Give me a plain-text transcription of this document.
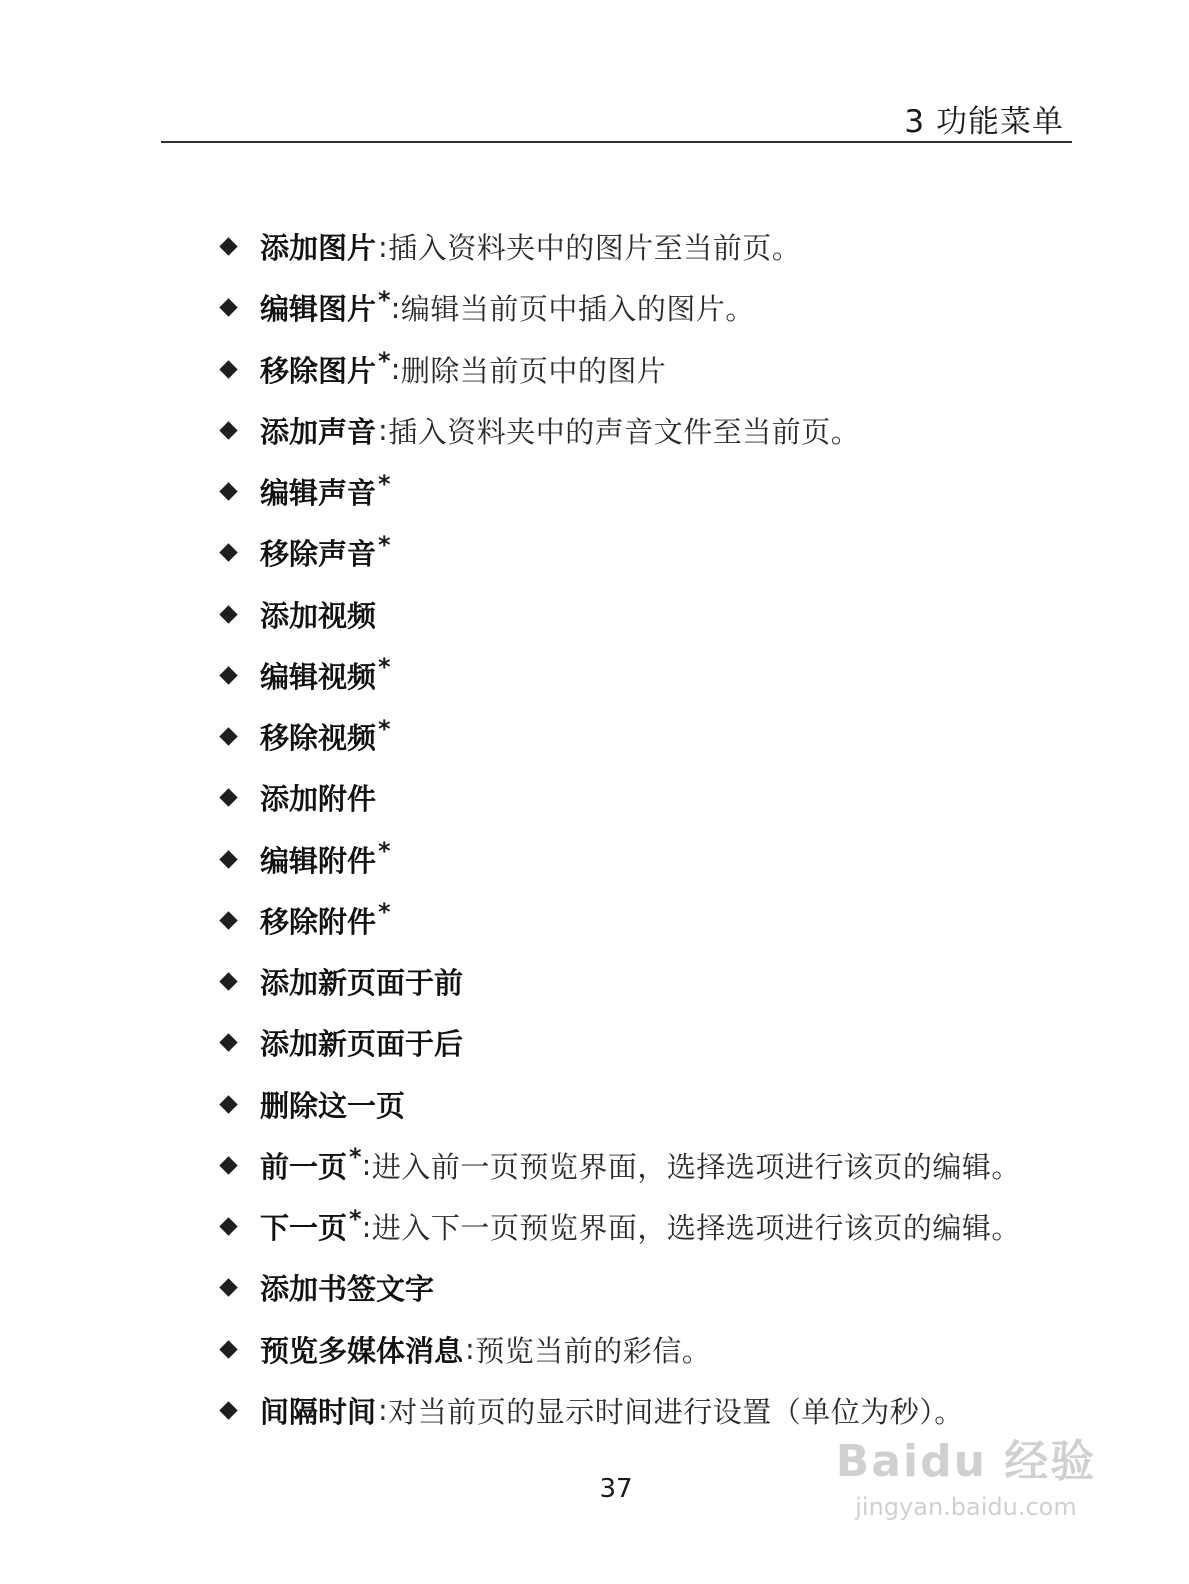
3 功能菜单
添加图片 : 插入资料夹中的图片至当前页。
编辑图片 * : 编辑当前页中插入的图片。
移除图片 * : 删除当前页中的图片
添加声音 : 插入资料夹中的声音文件至当前页。
编辑声音 *
移除声音 *
添加视频
编辑视频 *
移除视频 *
添加附件
编辑附件 *
移除附件 *
添加新页面于前
添加新页面于后
删除这一页
前一页 * : 进入前一页预览界面，选择选项进行该页的编辑。
下一页 * : 进入下一页预览界面，选择选项进行该页的编辑。
添加书签文字
预览多媒体消息 : 预览当前的彩信。
间隔时间 : 对当前页的显示时间进行设置（单位为秒）。
37
Baidu 经验
jingyan.baidu.com
